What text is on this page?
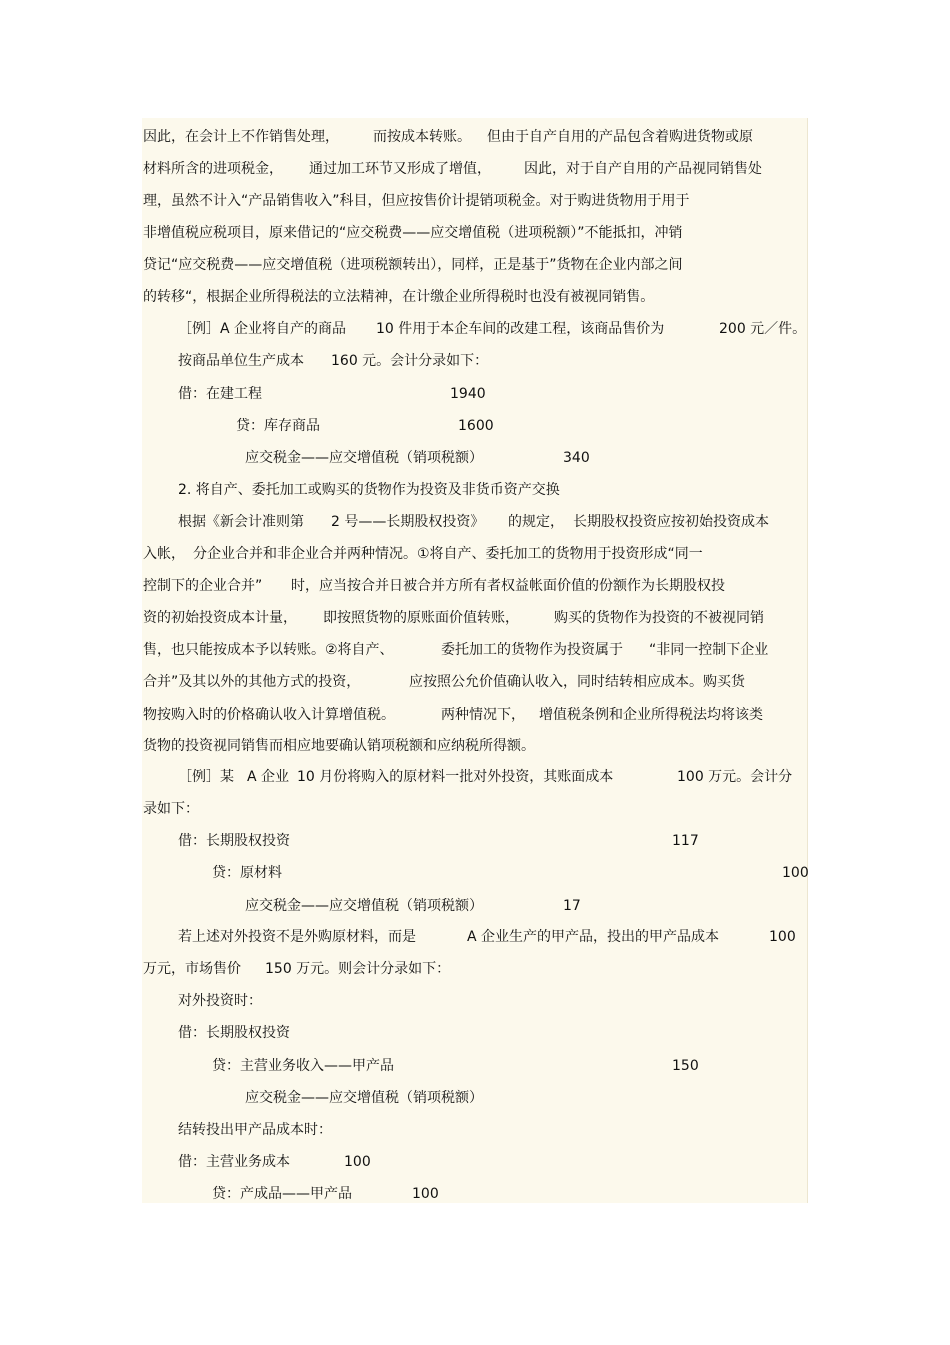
因此，在会计上不作销售处理， 而按成本转账。 但由于自产自用的产品包含着购进货物或原
材料所含的进项税金， 通过加工环节又形成了增值， 因此，对于自产自用的产品视同销售处
理，虽然不计入“产品销售收入”科目，但应按售价计提销项税金。对于购进货物用于用于
非增值税应税项目，原来借记的“应交税费——应交增值税（进项税额）”不能抵扣，冲销
贷记“应交税费——应交增值税（进项税额转出），同样，正是基于”货物在企业内部之间
的转移“，根据企业所得税法的立法精神，在计缴企业所得税时也没有被视同销售。
［例］A 企业将自产的商品 10 件用于本企车间的改建工程，该商品售价为	200 元／件。
按商品单位生产成本 160 元。会计分录如下：
借：在建工程	1940
贷：库存商品	1600
应交税金——应交增值税（销项税额）	340
2. 将自产、委托加工或购买的货物作为投资及非货币资产交换
根据《新会计准则第 2 号——长期股权投资》 的规定， 长期股权投资应按初始投资成本
入帐， 分企业合并和非企业合并两种情况。①将自产、委托加工的货物用于投资形成“同一
控制下的企业合并” 时，应当按合并日被合并方所有者权益帐面价值的份额作为长期股权投
资的初始投资成本计量， 即按照货物的原账面价值转账，	购买的货物作为投资的不被视同销
售，也只能按成本予以转账。②将自产、	委托加工的货物作为投资属于 “非同一控制下企业
合并”及其以外的其他方式的投资，	应按照公允价值确认收入，同时结转相应成本。购买货
物按购入时的价格确认收入计算增值税。	两种情况下， 增值税条例和企业所得税法均将该类
货物的投资视同销售而相应地要确认销项税额和应纳税所得额。
［例］某 A 企业 10 月份将购入的原材料一批对外投资，其账面成本	100 万元。会计分
录如下：
借：长期股权投资	117
贷：原材料	100
应交税金——应交增值税（销项税额）	17
若上述对外投资不是外购原材料，而是	A 企业生产的甲产品，投出的甲产品成本	100
万元，市场售价 150 万元。则会计分录如下：
对外投资时：
借：长期股权投资
贷：主营业务收入——甲产品	150
应交税金——应交增值税（销项税额）
结转投出甲产品成本时：
借：主营业务成本	100
贷：产成品——甲产品	100
